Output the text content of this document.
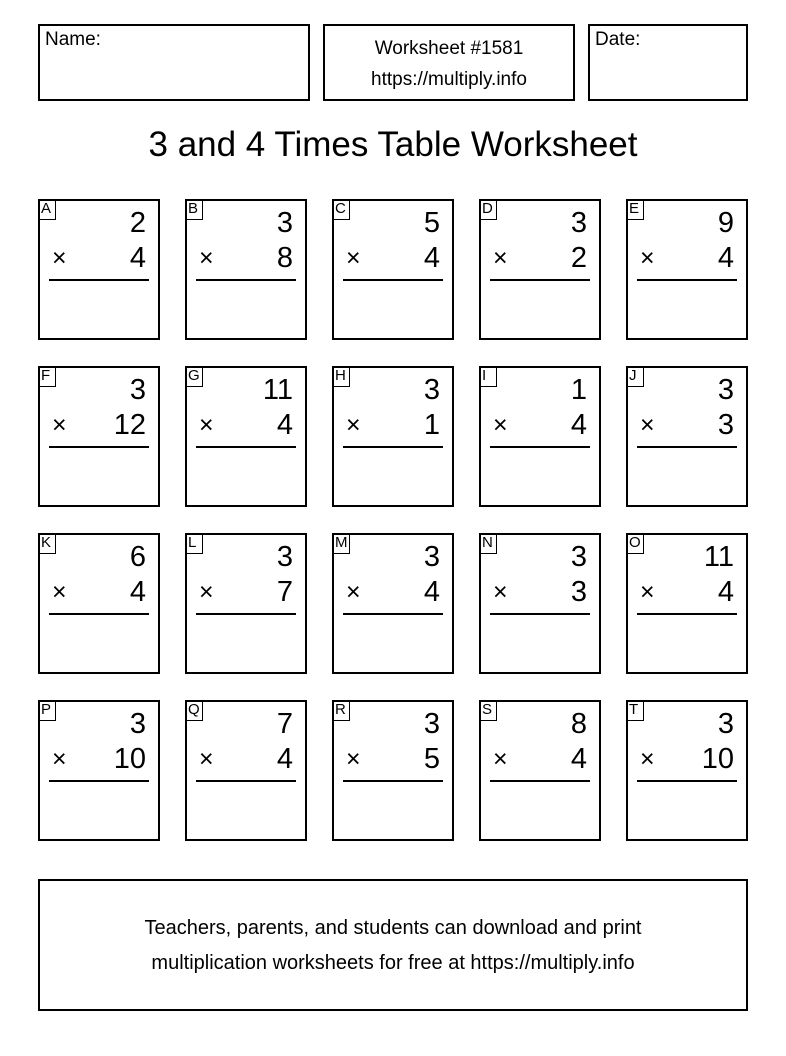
Name:	Worksheet #1581
https://multiply.info
Date:
3 and 4 Times Table Worksheet
A	2
× 4
B	3
× 8
C	5
× 4
D	3
× 2
E	9
× 4
F	3
× 12
G 11
× 4
H	3
× 1
I	1
× 4
J	3
× 3
K	6
× 4
L	3
× 7
M	3
× 4
N	3
× 3
O 11
× 4
P	3
× 10
Q	7
× 4
R	3
× 5
S	8
× 4
T	3
× 10
Teachers, parents, and students can download and print
multiplication worksheets for free at https://multiply.info
